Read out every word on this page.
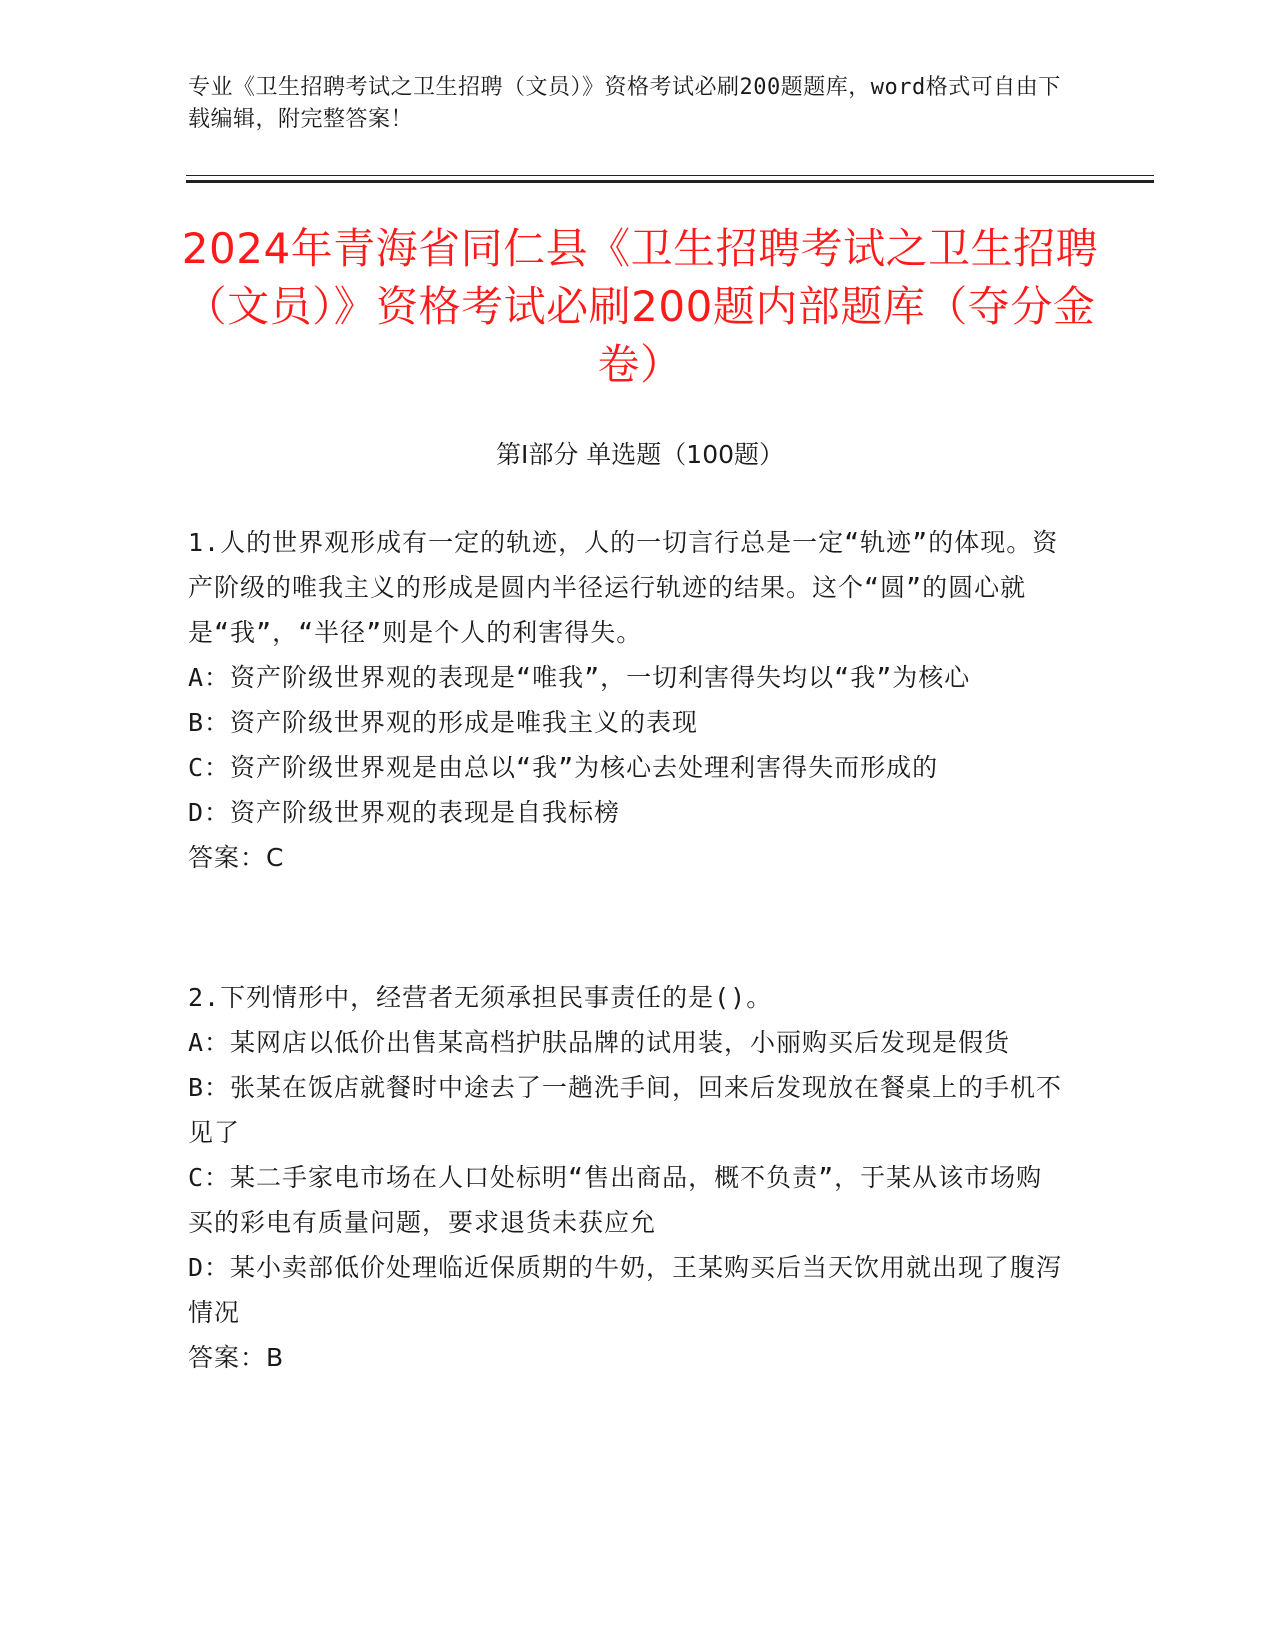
专业《卫生招聘考试之卫生招聘（文员）》资格考试必刷200题题库，word格式可自由下载编辑，附完整答案！
2024年青海省同仁县《卫生招聘考试之卫生招聘（文员）》资格考试必刷200题内部题库（夺分金卷）
第Ⅰ部分 单选题（100题）
1.人的世界观形成有一定的轨迹，人的一切言行总是一定“轨迹”的体现。资产阶级的唯我主义的形成是圆内半径运行轨迹的结果。这个“圆”的圆心就是“我”，“半径”则是个人的利害得失。
A：资产阶级世界观的表现是“唯我”，一切利害得失均以“我”为核心
B：资产阶级世界观的形成是唯我主义的表现
C：资产阶级世界观是由总以“我”为核心去处理利害得失而形成的
D：资产阶级世界观的表现是自我标榜
答案：C
2.下列情形中，经营者无须承担民事责任的是()。
A：某网店以低价出售某高档护肤品牌的试用装，小丽购买后发现是假货
B：张某在饭店就餐时中途去了一趟洗手间，回来后发现放在餐桌上的手机不见了
C：某二手家电市场在人口处标明“售出商品，概不负责”，于某从该市场购买的彩电有质量问题，要求退货未获应允
D：某小卖部低价处理临近保质期的牛奶，王某购买后当天饮用就出现了腹泻情况
答案：B
